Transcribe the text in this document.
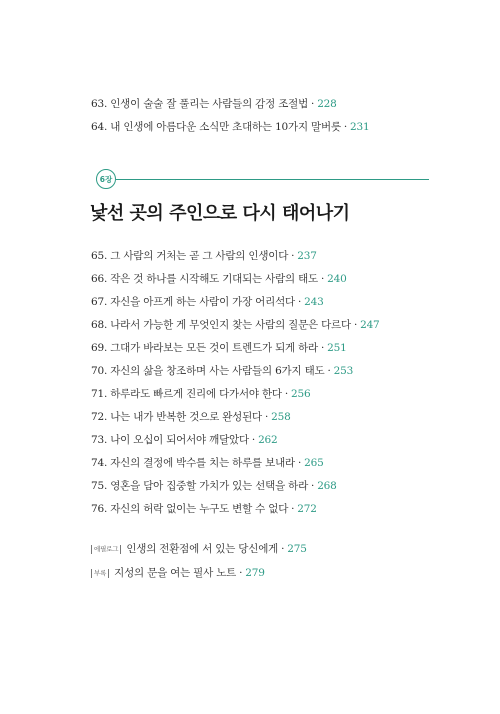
63. 인생이 술술 잘 풀리는 사람들의 감정 조절법 · 228
64. 내 인생에 아름다운 소식만 초대하는 10가지 말버릇 · 231
6장
낯선 곳의 주인으로 다시 태어나기
65. 그 사람의 거처는 곧 그 사람의 인생이다 · 237
66. 작은 것 하나를 시작해도 기대되는 사람의 태도 · 240
67. 자신을 아프게 하는 사람이 가장 어리석다 · 243
68. 나라서 가능한 게 무엇인지 찾는 사람의 질문은 다르다 · 247
69. 그대가 바라보는 모든 것이 트렌드가 되게 하라 · 251
70. 자신의 삶을 창조하며 사는 사람들의 6가지 태도 · 253
71. 하루라도 빠르게 진리에 다가서야 한다 · 256
72. 나는 내가 반복한 것으로 완성된다 · 258
73. 나이 오십이 되어서야 깨달았다 · 262
74. 자신의 결정에 박수를 치는 하루를 보내라 · 265
75. 영혼을 담아 집중할 가치가 있는 선택을 하라 · 268
76. 자신의 허락 없이는 누구도 변할 수 없다 · 272
에필로그 인생의 전환점에 서 있는 당신에게 · 275
부록 지성의 문을 여는 필사 노트 · 279
